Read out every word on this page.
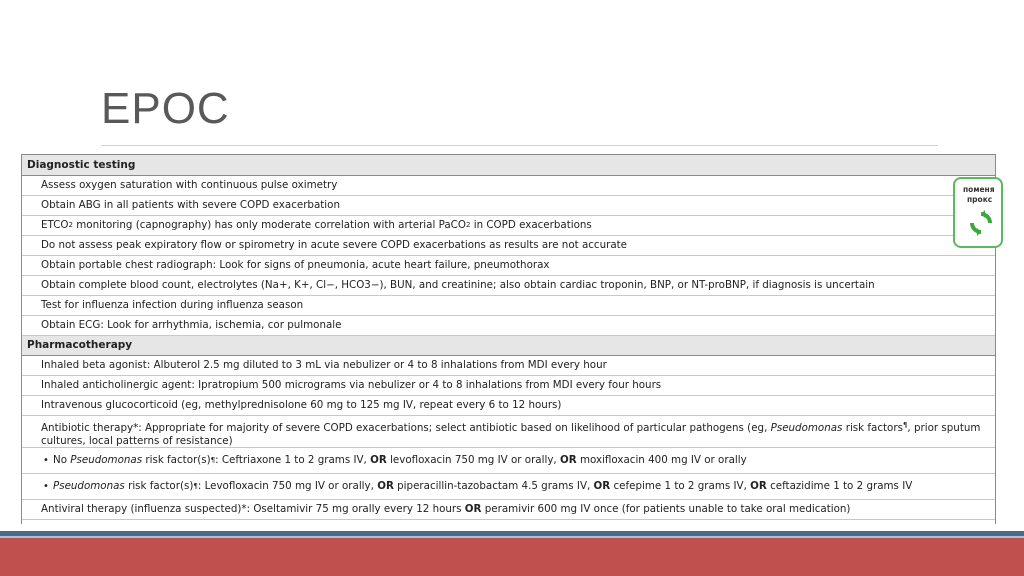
EPOC
Diagnostic testing
Assess oxygen saturation with continuous pulse oximetry
Obtain ABG in all patients with severe COPD exacerbation
ETCO 2 monitoring (capnography) has only moderate correlation with arterial PaCO 2 in COPD exacerbations
Do not assess peak expiratory flow or spirometry in acute severe COPD exacerbations as results are not accurate
Obtain portable chest radiograph: Look for signs of pneumonia, acute heart failure, pneumothorax
Obtain complete blood count, electrolytes (Na+, K+, Cl−, HCO3−), BUN, and creatinine; also obtain cardiac troponin, BNP, or NT-proBNP, if diagnosis is uncertain
Test for influenza infection during influenza season
Obtain ECG: Look for arrhythmia, ischemia, cor pulmonale
Pharmacotherapy
Inhaled beta agonist: Albuterol 2.5 mg diluted to 3 mL via nebulizer or 4 to 8 inhalations from MDI every hour
Inhaled anticholinergic agent: Ipratropium 500 micrograms via nebulizer or 4 to 8 inhalations from MDI every four hours
Intravenous glucocorticoid (eg, methylprednisolone 60 mg to 125 mg IV, repeat every 6 to 12 hours)
Antibiotic therapy*: Appropriate for majority of severe COPD exacerbations; select antibiotic based on likelihood of particular pathogens (eg, Pseudomonas risk factors¶, prior sputum cultures, local patterns of resistance)
• No Pseudomonas risk factor(s) ¶ : Ceftriaxone 1 to 2 grams IV, OR levofloxacin 750 mg IV or orally, OR moxifloxacin 400 mg IV or orally
• Pseudomonas risk factor(s) ¶ : Levofloxacin 750 mg IV or orally, OR piperacillin-tazobactam 4.5 grams IV, OR cefepime 1 to 2 grams IV, OR ceftazidime 1 to 2 grams IV
Antiviral therapy (influenza suspected)*: Oseltamivir 75 mg orally every 12 hours OR peramivir 600 mg IV once (for patients unable to take oral medication)
поменя
прокс
